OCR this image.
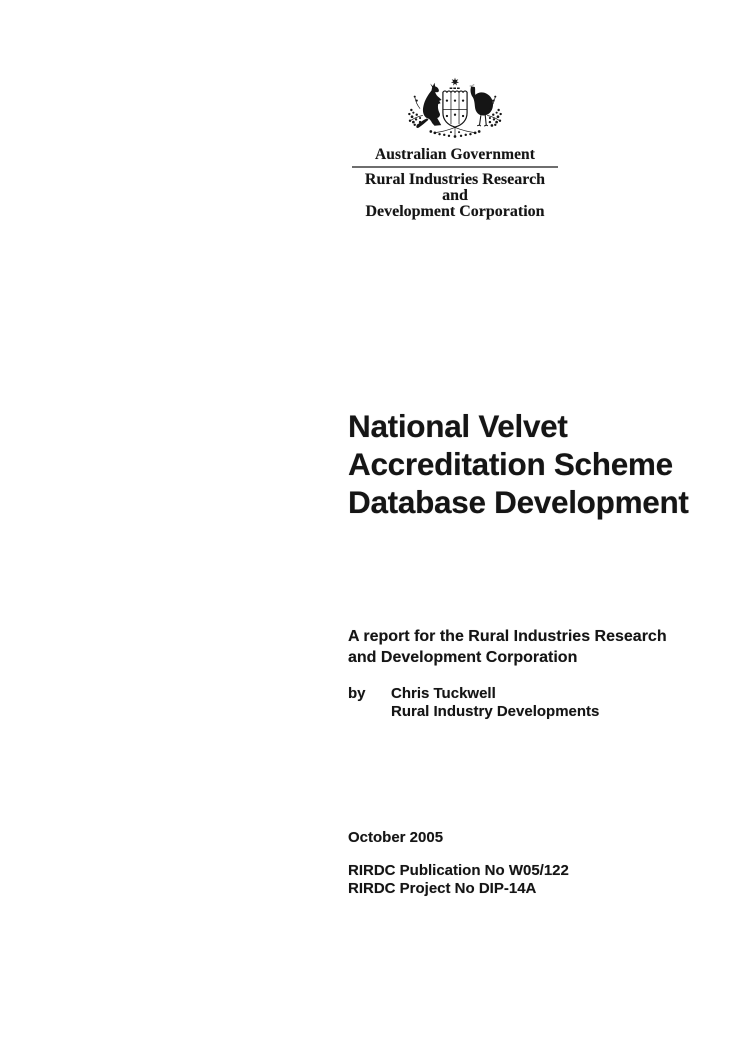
Australian Government
Rural Industries Research and
Development Corporation
National Velvet
Accreditation Scheme
Database Development
A report for the Rural Industries Research
and Development Corporation
by	Chris Tuckwell
Rural Industry Developments
October 2005
RIRDC Publication No W05/122
RIRDC Project No DIP-14A
